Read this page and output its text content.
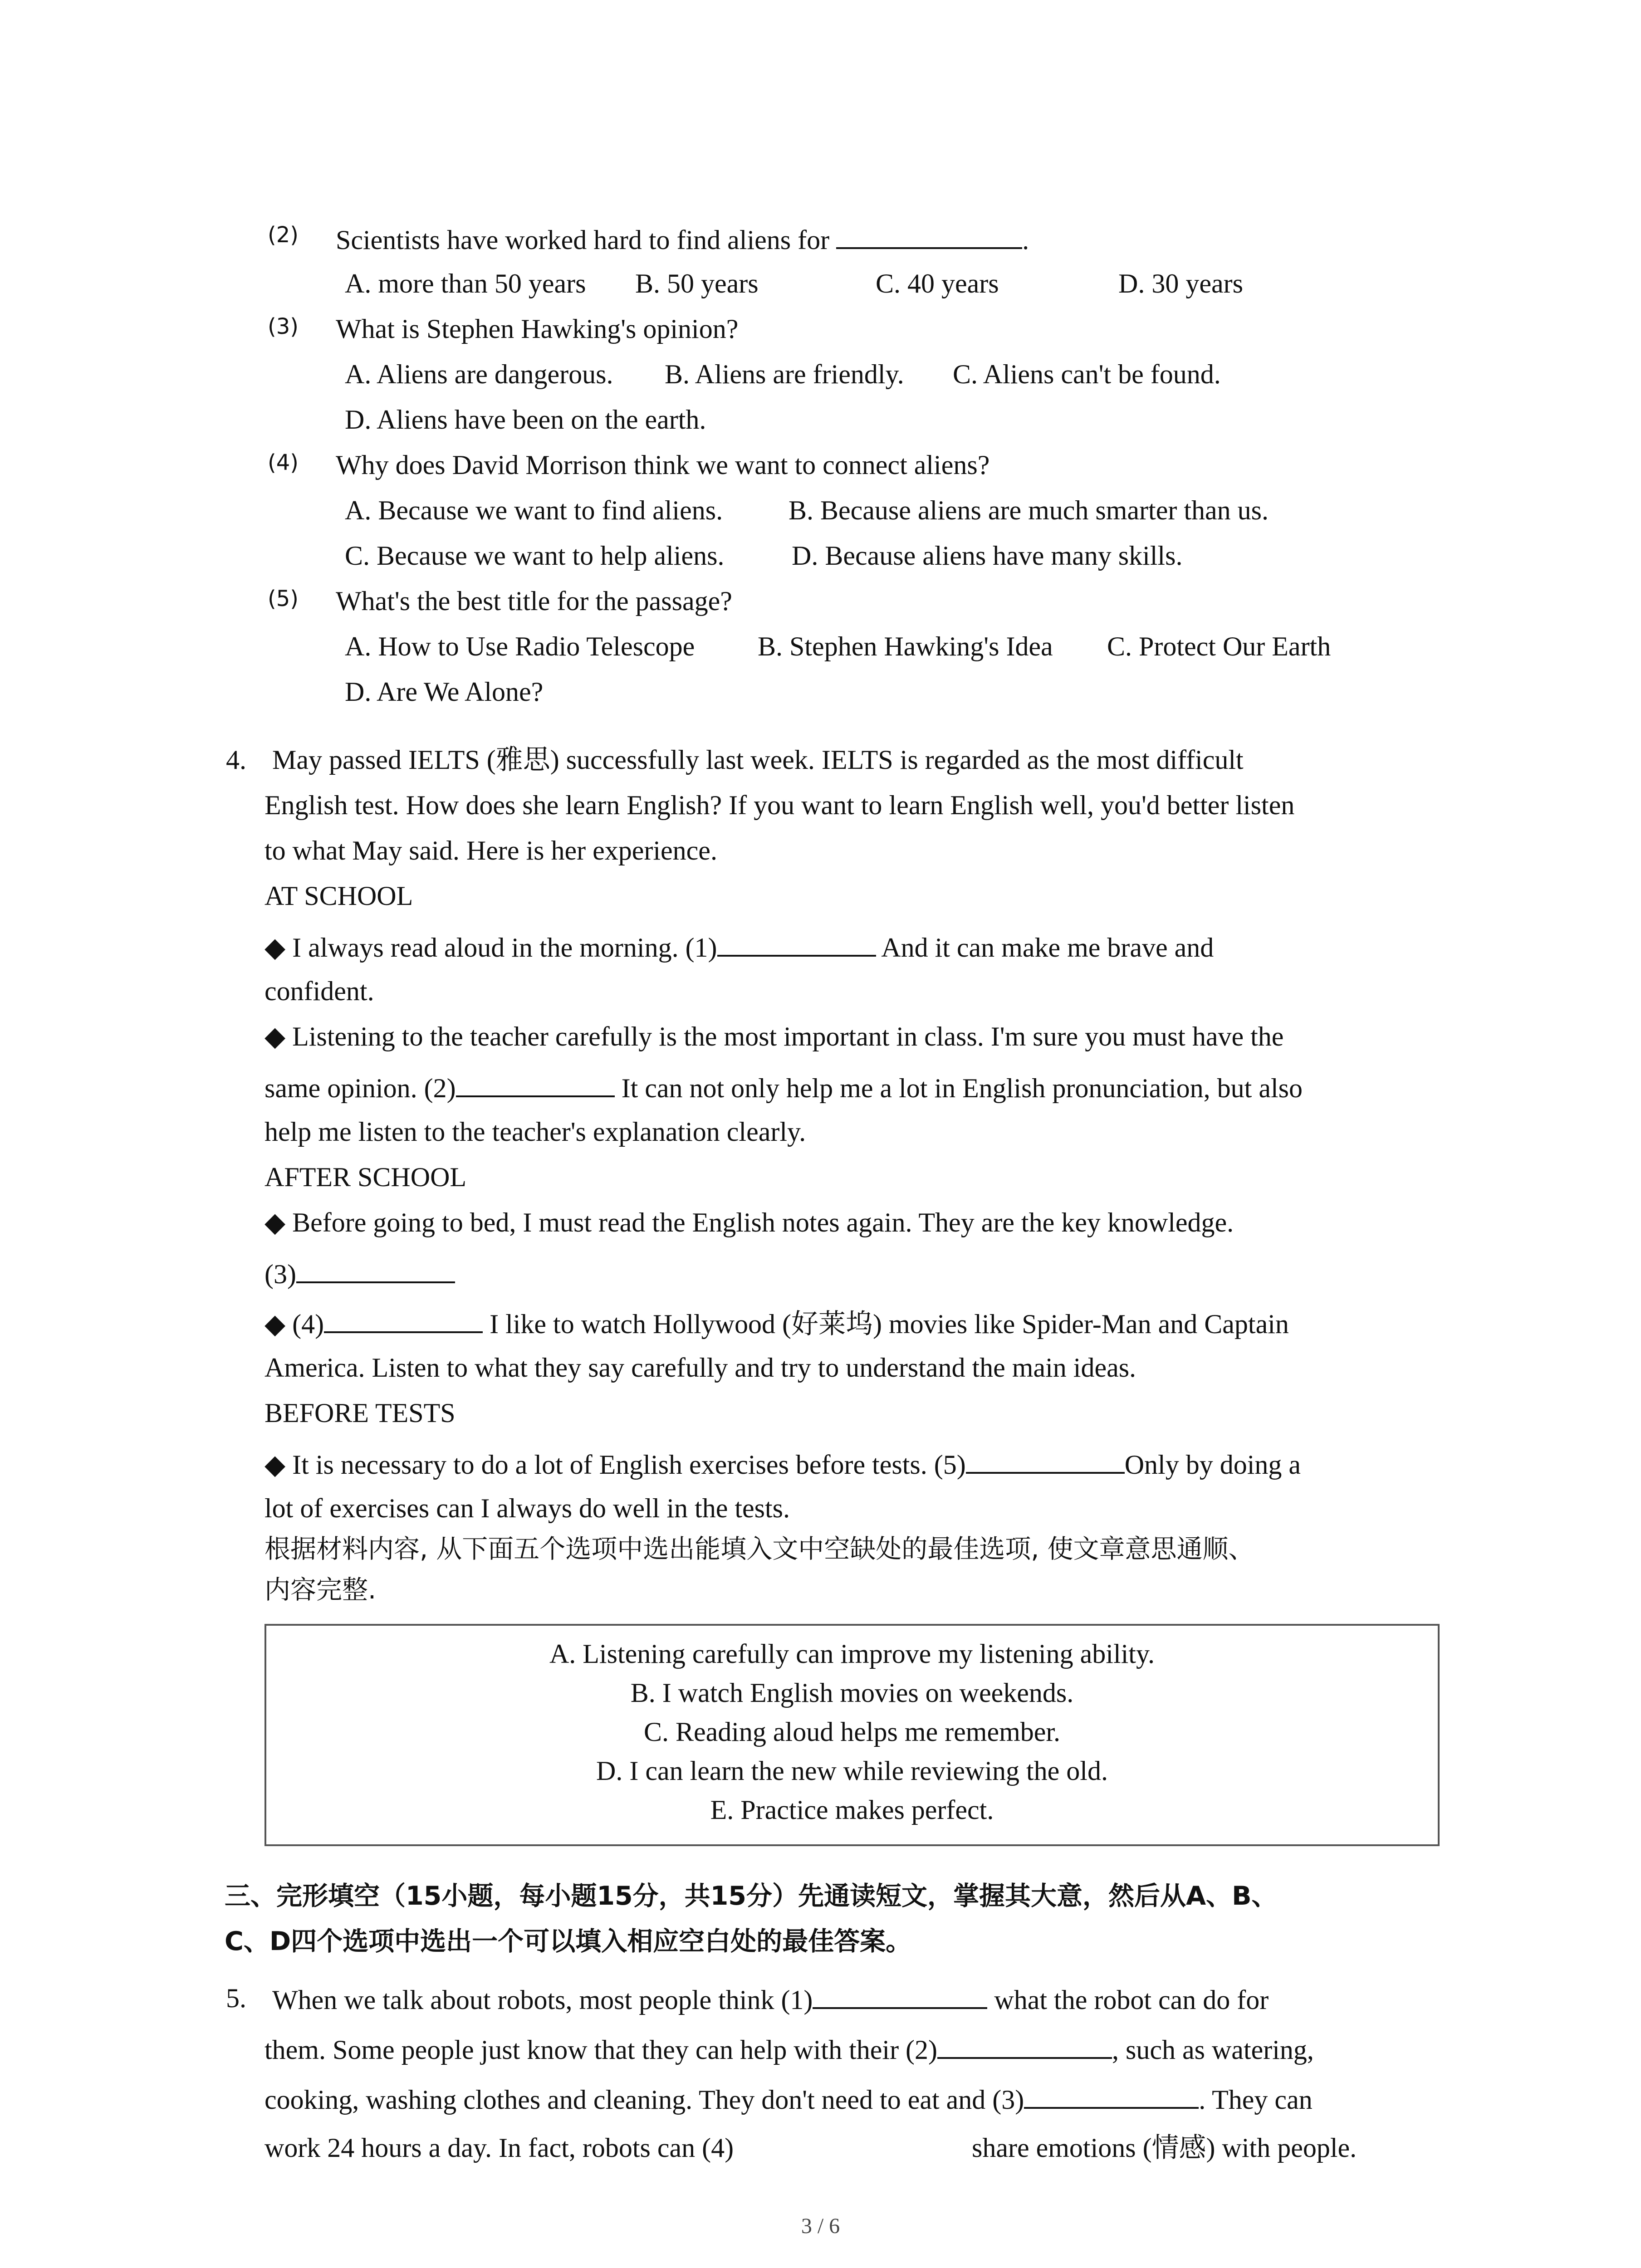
(2) Scientists have worked hard to find aliens for	.
A. more than 50 years B. 50 years	C. 40 years	D. 30 years
(3) What is Stephen Hawking's opinion?
A. Aliens are dangerous. B. Aliens are friendly. C. Aliens can't be found.
D. Aliens have been on the earth.
(4) Why does David Morrison think we want to connect aliens?
A. Because we want to find aliens. B. Because aliens are much smarter than us.
C. Because we want to help aliens. D. Because aliens have many skills.
(5) What's the best title for the passage?
A. How to Use Radio Telescope B. Stephen Hawking's Idea C. Protect Our Earth
D. Are We Alone?
4. May passed IELTS (雅思) successfully last week. IELTS is regarded as the most difficult
English test. How does she learn English? If you want to learn English well, you'd better listen
to what May said. Here is her experience.
AT SCHOOL
◆ I always read aloud in the morning. (1)	And it can make me brave and
confident.
◆ Listening to the teacher carefully is the most important in class. I'm sure you must have the
same opinion. (2)	It can not only help me a lot in English pronunciation, but also
help me listen to the teacher's explanation clearly.
AFTER SCHOOL
◆ Before going to bed, I must read the English notes again. They are the key knowledge.
(3)
◆ (4)	I like to watch Hollywood (好莱坞) movies like Spider-Man and Captain
America. Listen to what they say carefully and try to understand the main ideas.
BEFORE TESTS
◆ It is necessary to do a lot of English exercises before tests. (5)	Only by doing a
lot of exercises can I always do well in the tests.
根据材料内容, 从下面五个选项中选出能填入文中空缺处的最佳选项, 使文章意思通顺、
内容完整.
A. Listening carefully can improve my listening ability.
B. I watch English movies on weekends.
C. Reading aloud helps me remember.
D. I can learn the new while reviewing the old.
E. Practice makes perfect.
三、完形填空（15小题，每小题15分，共15分）先通读短文，掌握其大意，然后从A、B、
C、D四个选项中选出一个可以填入相应空白处的最佳答案。
5. When we talk about robots, most people think (1)	what the robot can do for
them. Some people just know that they can help with their (2)	, such as watering,
cooking, washing clothes and cleaning. They don't need to eat and (3)	. They can
work 24 hours a day. In fact, robots can (4)	share emotions (情感) with people.
3 / 6
